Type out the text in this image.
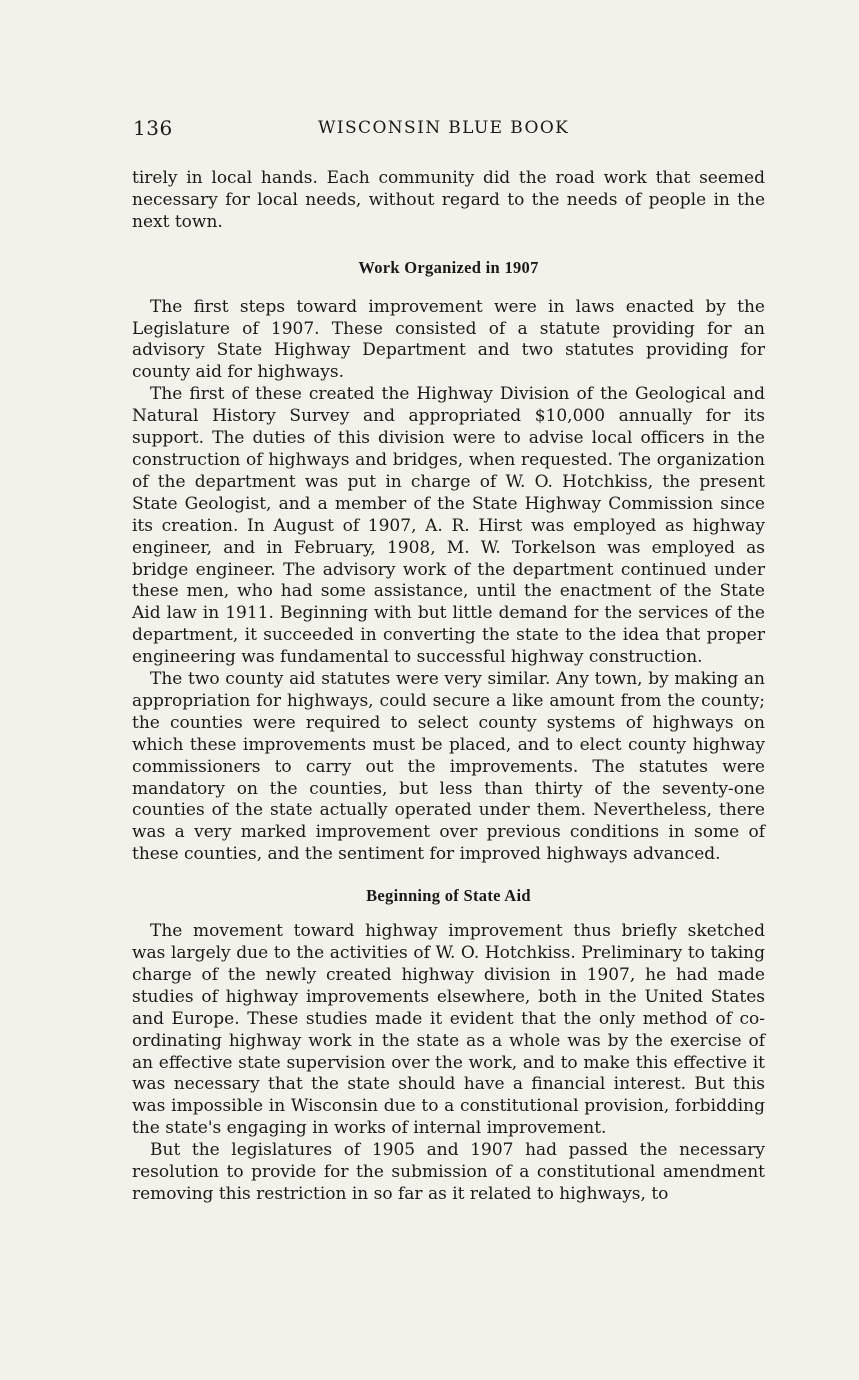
136	WISCONSIN BLUE BOOK

tirely in local hands. Each community did the road work that seemed necessary for local needs, without regard to the needs of people in the next town.

Work Organized in 1907

The first steps toward improvement were in laws enacted by the Legislature of 1907. These consisted of a statute providing for an advisory State Highway Department and two statutes providing for county aid for highways.

The first of these created the Highway Division of the Geological and Natural History Survey and appropriated $10,000 annually for its support. The duties of this division were to advise local officers in the construction of highways and bridges, when requested. The organization of the department was put in charge of W. O. Hotchkiss, the present State Geologist, and a member of the State Highway Commission since its creation. In August of 1907, A. R. Hirst was employed as highway engineer, and in February, 1908, M. W. Torkelson was employed as bridge engineer. The advisory work of the department continued under these men, who had some assistance, until the enactment of the State Aid law in 1911. Beginning with but little demand for the services of the department, it succeeded in converting the state to the idea that proper engineering was fundamental to successful highway construction.

The two county aid statutes were very similar. Any town, by making an appropriation for highways, could secure a like amount from the county; the counties were required to select county systems of highways on which these improvements must be placed, and to elect county highway commissioners to carry out the improvements. The statutes were mandatory on the counties, but less than thirty of the seventy-one counties of the state actually operated under them. Nevertheless, there was a very marked improvement over previous conditions in some of these counties, and the sentiment for improved highways advanced.

Beginning of State Aid

The movement toward highway improvement thus briefly sketched was largely due to the activities of W. O. Hotchkiss. Preliminary to taking charge of the newly created highway division in 1907, he had made studies of highway improvements elsewhere, both in the United States and Europe. These studies made it evident that the only method of co-ordinating highway work in the state as a whole was by the exercise of an effective state supervision over the work, and to make this effective it was necessary that the state should have a financial interest. But this was impossible in Wisconsin due to a constitutional provision, forbidding the state's engaging in works of internal improvement.

But the legislatures of 1905 and 1907 had passed the necessary resolution to provide for the submission of a constitutional amendment removing this restriction in so far as it related to highways, to
